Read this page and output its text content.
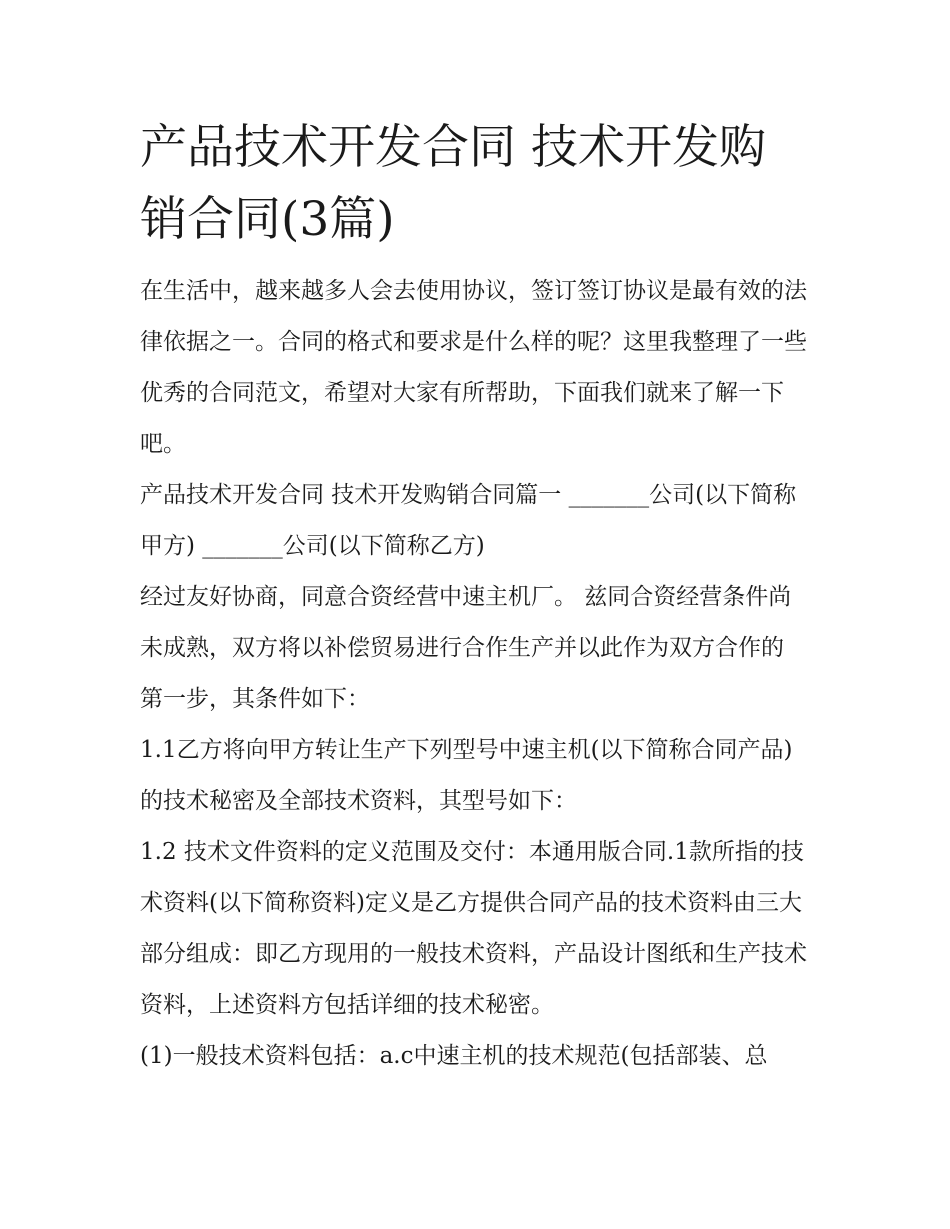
产品技术开发合同 技术开发购销合同(3篇)

在生活中，越来越多人会去使用协议，签订签订协议是最有效的法律依据之一。合同的格式和要求是什么样的呢？这里我整理了一些优秀的合同范文，希望对大家有所帮助，下面我们就来了解一下吧。

产品技术开发合同 技术开发购销合同篇一 _______公司(以下简称甲方) _______公司(以下简称乙方)

经过友好协商，同意合资经营中速主机厂。 兹同合资经营条件尚未成熟，双方将以补偿贸易进行合作生产并以此作为双方合作的 第一步，其条件如下：

1.1乙方将向甲方转让生产下列型号中速主机(以下简称合同产品)的技术秘密及全部技术资料，其型号如下：

1.2 技术文件资料的定义范围及交付：本通用版合同.1款所指的技术资料(以下简称资料)定义是乙方提供合同产品的技术资料由三大部分组成：即乙方现用的一般技术资料，产品设计图纸和生产技术资料，上述资料方包括详细的技术秘密。

(1)一般技术资料包括：a.c中速主机的技术规范(包括部装、总
